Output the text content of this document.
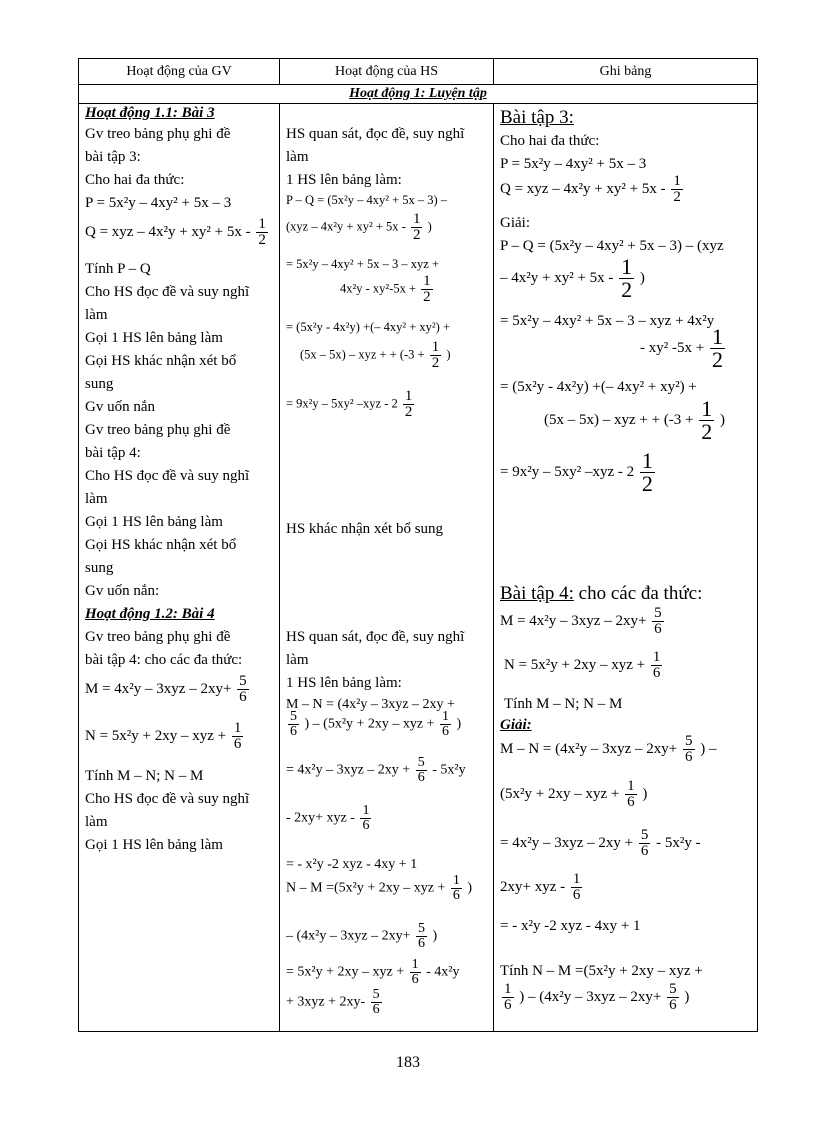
Hoạt động của GV	Hoạt động của HS	Ghi bảng
Hoạt động 1: Luyện tập
Hoạt động 1.1: Bài 3
Gv treo bảng phụ ghi đề
bài tập 3:
Cho hai đa thức:
P = 5x²y – 4xy² + 5x – 3
Q = xyz – $4x^2y + xy^2 + 5x - \frac{1}{2}$
Tính P – Q
Cho HS đọc đề và suy nghĩ
làm
Gọi 1 HS lên bảng làm
Gọi HS khác nhận xét bổ
sung
Gv uốn nắn
Gv treo bảng phụ ghi đề
bài tập 4:
Cho HS đọc đề và suy nghĩ
làm
Gọi 1 HS lên bảng làm
Gọi HS khác nhận xét bổ
sung
Gv uốn nắn:
Hoạt động 1.2: Bài 4
Gv treo bảng phụ ghi đề
bài tập 4: cho các đa thức:
$M = 4x^2y - 3xyz - 2xy+ \frac{5}{6}$
N = 5x²y + 2xy – xyz + $\frac{1}{6}$
Tính M – N; N – M
Cho HS đọc đề và suy nghĩ
làm
Gọi 1 HS lên bảng làm
HS quan sát, đọc đề, suy nghĩ
làm
1 HS lên bảng làm:
P – Q = (5x²y – 4xy² + 5x – 3) –
($xyz - 4x^2y + xy^2 + 5x - \frac{1}{2}$ )
= 5x²y – 4xy² + 5x – 3 – xyz +
$4x^2y - xy^2-5x + \frac{1}{2}$
= (5x²y - 4x²y) +(– 4xy² + xy²) +
(5x – 5x) – xyz + + ($-3 + \frac{1}{2}$ )
= 9x²y – 5xy² $-xyz - 2 \frac{1}{2}$
HS khác nhận xét bổ sung
HS quan sát, đọc đề, suy nghĩ
làm
1 HS lên bảng làm:
M – N = (4x²y – 3xyz – 2xy +
$\frac{5}{6}$ ) – (5x²y + 2xy – xyz + $\frac{1}{6}$ )
= $4x^2y - 3xyz - 2xy + \frac{5}{6} - 5x^2y$
- 2xy+ xyz - $\frac{1}{6}$
= - x²y -2 xyz - 4xy + 1
N – M =(5x²y + 2xy – xyz + $\frac{1}{6}$ )
– ($4x^2y - 3xyz - 2xy+ \frac{5}{6}$ )
= 5x²y + 2xy – xyz + $\frac{1}{6} - 4x^2y$
+ $3xyz + 2xy- \frac{5}{6}$
Bài tập 3:
Cho hai đa thức:
P = 5x²y – 4xy² + 5x – 3
Q = xyz – $4x^2y + xy^2 + 5x - \frac{1}{2}$
Giải:
P – Q = (5x²y – 4xy² + 5x – 3) – (xyz
– $4x^2y + xy^2 + 5x - \frac{1}{2}$ )
= 5x²y – 4xy² + 5x – 3 – xyz + 4x²y
- xy² $-5x + \frac{1}{2}$
= (5x²y - 4x²y) +(– 4xy² + xy²) +
(5x – 5x) – xyz + + ($-3 + \frac{1}{2}$ )
= 9x²y – 5xy² $-xyz - 2 \frac{1}{2}$
Bài tập 4: cho các đa thức:
$M = 4x^2y - 3xyz - 2xy+ \frac{5}{6}$
N = 5x²y + 2xy – xyz + $\frac{1}{6}$
Tính M – N; N – M
Giải:
$M - N = (4x^2y - 3xyz - 2xy+ \frac{5}{6}$ ) –
(5x²y + 2xy – xyz + $\frac{1}{6}$ )
= $4x^2y - 3xyz - 2xy + \frac{5}{6} - 5x^2y$ -
2xy+ xyz - $\frac{1}{6}$
= - x²y -2 xyz - 4xy + 1
Tính N – M =(5x²y + 2xy – xyz +
$\frac{1}{6}$ ) – ($4x^2y - 3xyz - 2xy+ \frac{5}{6}$ )
183
